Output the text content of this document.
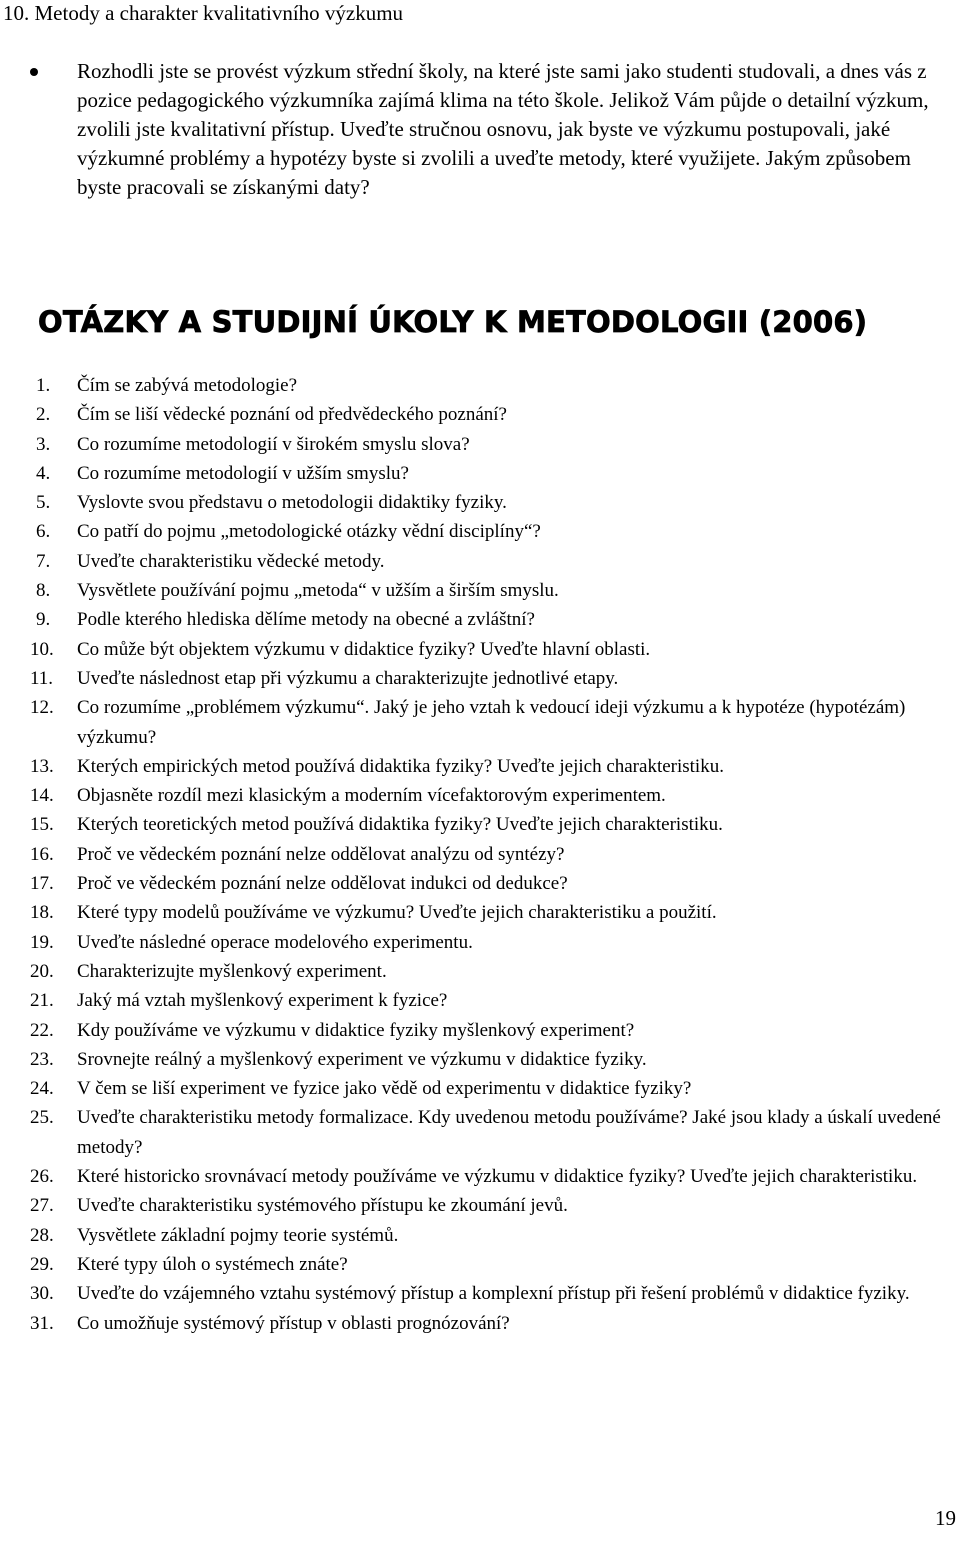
10. Metody a charakter kvalitativního výzkumu

Rozhodli jste se provést výzkum střední školy, na které jste sami jako studenti studovali, a dnes vás z pozice pedagogického výzkumníka zajímá klima na této škole. Jelikož Vám půjde o detailní výzkum, zvolili jste kvalitativní přístup. Uveďte stručnou osnovu, jak byste ve výzkumu postupovali, jaké výzkumné problémy a hypotézy byste si zvolili a uveďte metody, které využijete. Jakým způsobem byste pracovali se získanými daty?

OTÁZKY A STUDIJNÍ ÚKOLY K METODOLOGII (2006)
1.	Čím se zabývá metodologie?
2.	Čím se liší vědecké poznání od předvědeckého poznání?
3.	Co rozumíme metodologií v širokém smyslu slova?
4.	Co rozumíme metodologií v užším smyslu?
5.	Vyslovte svou představu o metodologii didaktiky fyziky.
6.	Co patří do pojmu „metodologické otázky vědní disciplíny“?
7.	Uveďte charakteristiku vědecké metody.
8.	Vysvětlete používání pojmu „metoda“ v užším a širším smyslu.
9.	Podle kterého hlediska dělíme metody na obecné a zvláštní?
10.	Co může být objektem výzkumu v didaktice fyziky? Uveďte hlavní oblasti.
11.	Uveďte následnost etap při výzkumu a charakterizujte jednotlivé etapy.
12.	Co rozumíme „problémem výzkumu“. Jaký je jeho vztah k vedoucí ideji výzkumu a k hypotéze (hypotézám) výzkumu?
13.	Kterých empirických metod používá didaktika fyziky? Uveďte jejich charakteristiku.
14.	Objasněte rozdíl mezi klasickým a moderním vícefaktorovým experimentem.
15.	Kterých teoretických metod používá didaktika fyziky? Uveďte jejich charakteristiku.
16.	Proč ve vědeckém poznání nelze oddělovat analýzu od syntézy?
17.	Proč ve vědeckém poznání nelze oddělovat indukci od dedukce?
18.	Které typy modelů používáme ve výzkumu? Uveďte jejich charakteristiku a použití.
19.	Uveďte následné operace modelového experimentu.
20.	Charakterizujte myšlenkový experiment.
21.	Jaký má vztah myšlenkový experiment k fyzice?
22.	Kdy používáme ve výzkumu v didaktice fyziky myšlenkový experiment?
23.	Srovnejte reálný a myšlenkový experiment ve výzkumu v didaktice fyziky.
24.	V čem se liší experiment ve fyzice jako vědě od experimentu v didaktice fyziky?
25.	Uveďte charakteristiku metody formalizace. Kdy uvedenou metodu používáme? Jaké jsou klady a úskalí uvedené metody?
26.	Které historicko srovnávací metody používáme ve výzkumu v didaktice fyziky? Uveďte jejich charakteristiku.
27.	Uveďte charakteristiku systémového přístupu ke zkoumání jevů.
28.	Vysvětlete základní pojmy teorie systémů.
29.	Které typy úloh o systémech znáte?
30.	Uveďte do vzájemného vztahu systémový přístup a komplexní přístup při řešení problémů v didaktice fyziky.
31.	Co umožňuje systémový přístup v oblasti prognózování?
19
